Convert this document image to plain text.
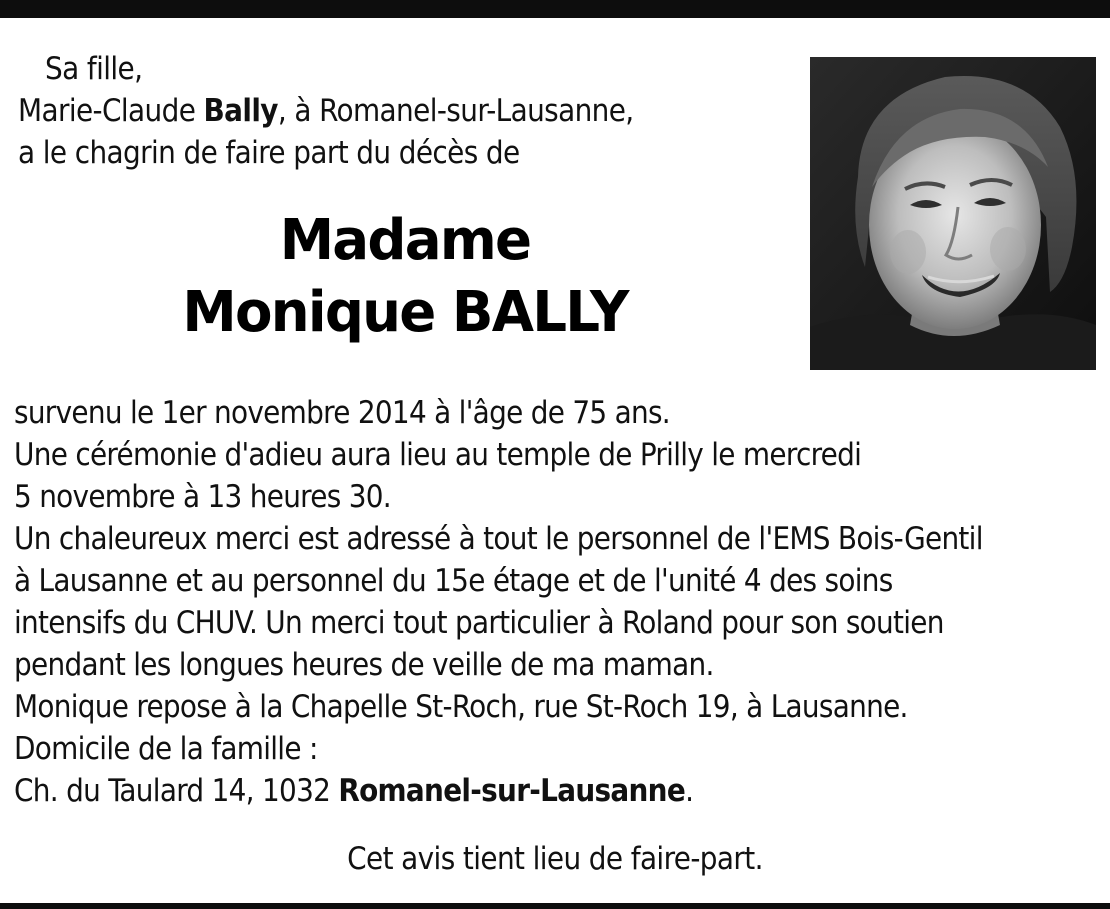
Sa fille,
Marie-Claude Bally, à Romanel-sur-Lausanne,
a le chagrin de faire part du décès de
Madame
Monique BALLY
survenu le 1er novembre 2014 à l'âge de 75 ans.
Une cérémonie d'adieu aura lieu au temple de Prilly le mercredi
5 novembre à 13 heures 30.
Un chaleureux merci est adressé à tout le personnel de l'EMS Bois-Gentil
à Lausanne et au personnel du 15e étage et de l'unité 4 des soins
intensifs du CHUV. Un merci tout particulier à Roland pour son soutien
pendant les longues heures de veille de ma maman.
Monique repose à la Chapelle St-Roch, rue St-Roch 19, à Lausanne.
Domicile de la famille :
Ch. du Taulard 14, 1032 Romanel-sur-Lausanne.
Cet avis tient lieu de faire-part.
